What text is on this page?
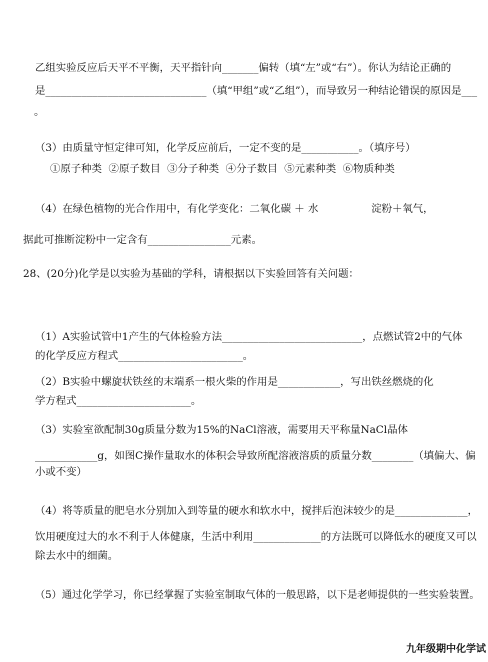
乙组实验反应后天平不平衡，天平指针向_______偏转（填“左”或“右”）。你认为结论正确的
是_______________________________（填“甲组”或“乙组”），而导致另一种结论错误的原因是___
。
（3）由质量守恒定律可知，化学反应前后，一定不变的是___________。（填序号）
①原子种类  ②原子数目  ③分子种类  ④分子数目  ⑤元素种类  ⑥物质种类
（4）在绿色植物的光合作用中，有化学变化：二氧化碳 ＋ 水                淀粉＋氧气，
据此可推断淀粉中一定含有________________元素。
28、(20分)化学是以实验为基础的学科，请根据以下实验回答有关问题：
（1）A实验试管中1产生的气体检验方法___________________________，点燃试管2中的气体
的化学反应方程式________________________。
（2）B实验中螺旋状铁丝的末端系一根火柴的作用是____________，写出铁丝燃烧的化
学方程式______________________。
（3）实验室欲配制30g质量分数为15%的NaCl溶液，需要用天平称量NaCl晶体
____________g，如图C操作量取水的体积会导致所配溶液溶质的质量分数________（填偏大、偏
小或不变）
（4）将等质量的肥皂水分别加入到等量的硬水和软水中，搅拌后泡沫较少的是______________，
饮用硬度过大的水不利于人体健康，生活中利用_____________的方法既可以降低水的硬度又可以
除去水中的细菌。
（5）通过化学学习，你已经掌握了实验室制取气体的一般思路，以下是老师提供的一些实验装置。
九年级期中化学试
